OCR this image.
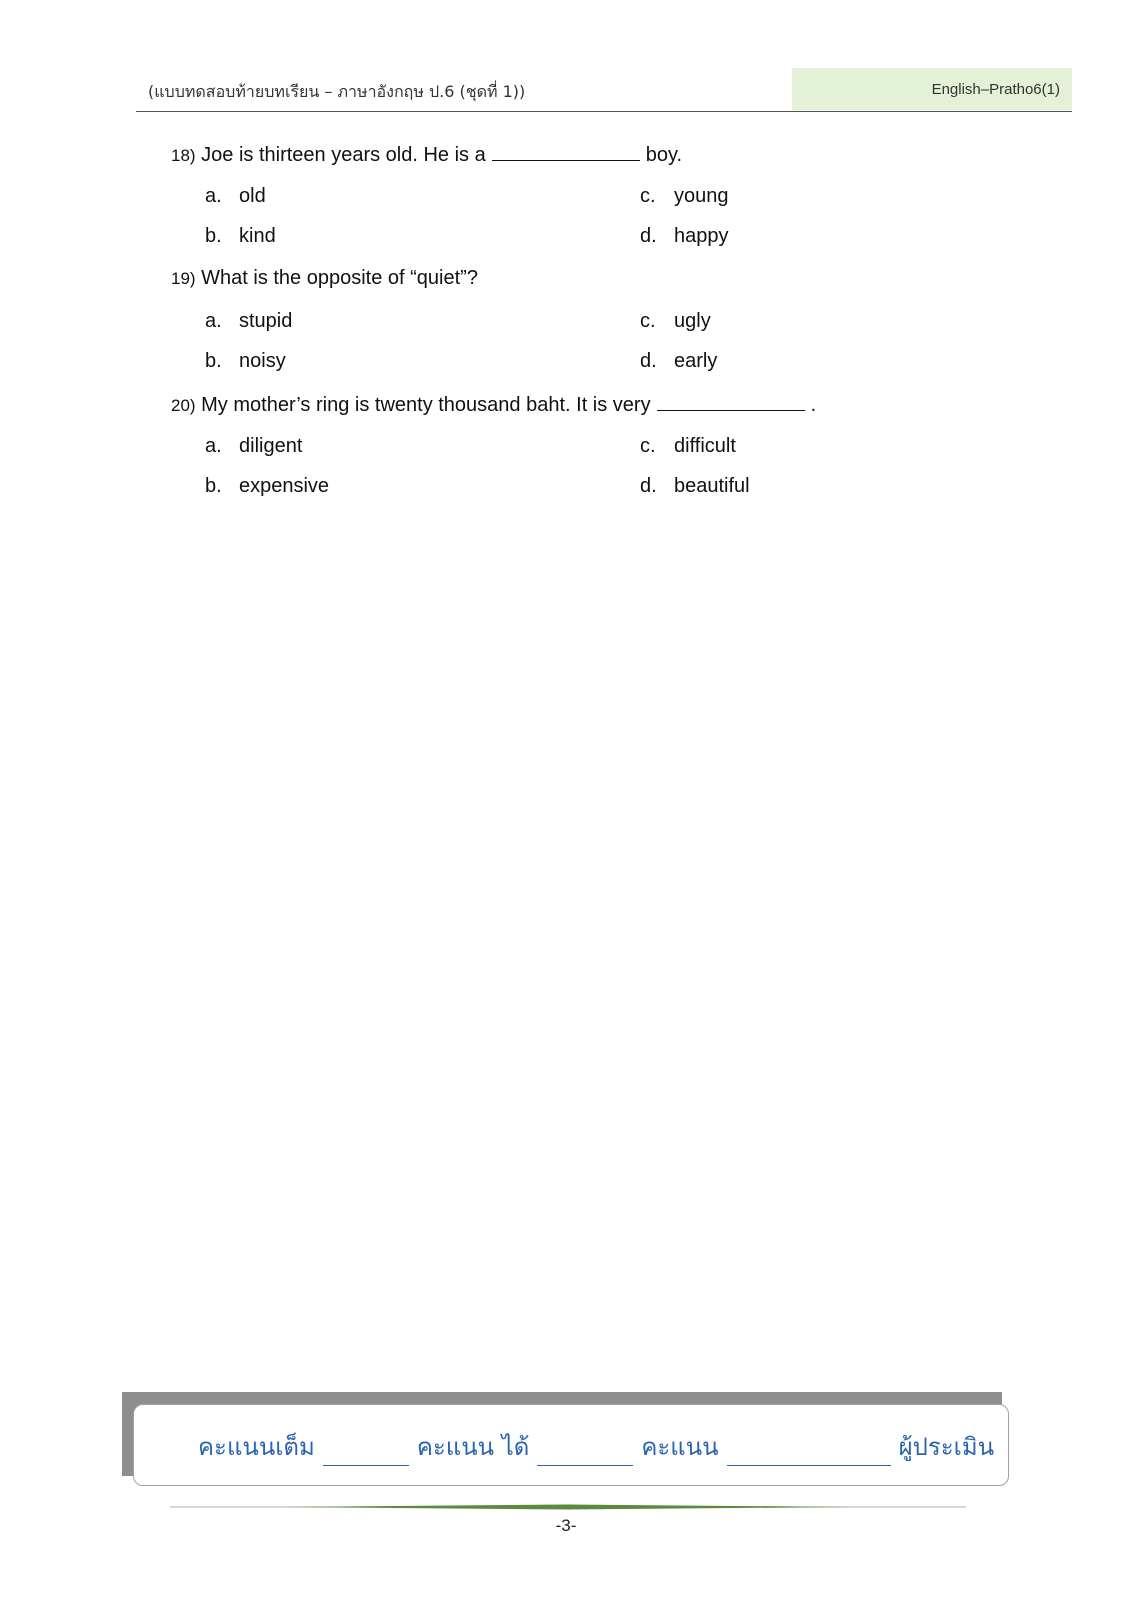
(แบบทดสอบท้ายบทเรียน – ภาษาอังกฤษ ป.6 (ชุดที่ 1))	English–Pratho6(1)
18) Joe is thirteen years old. He is a	boy.
a. old
b. kind
c. young
d. happy
19) What is the opposite of “quiet”?
a. stupid
b. noisy
c. ugly
d. early
20) My mother’s ring is twenty thousand baht. It is very	.
a. diligent
b. expensive
c. difficult
d. beautiful
คะแนนเต็ม	คะแนน ได้	คะแนน	ผู้ประเมิน
-3-
